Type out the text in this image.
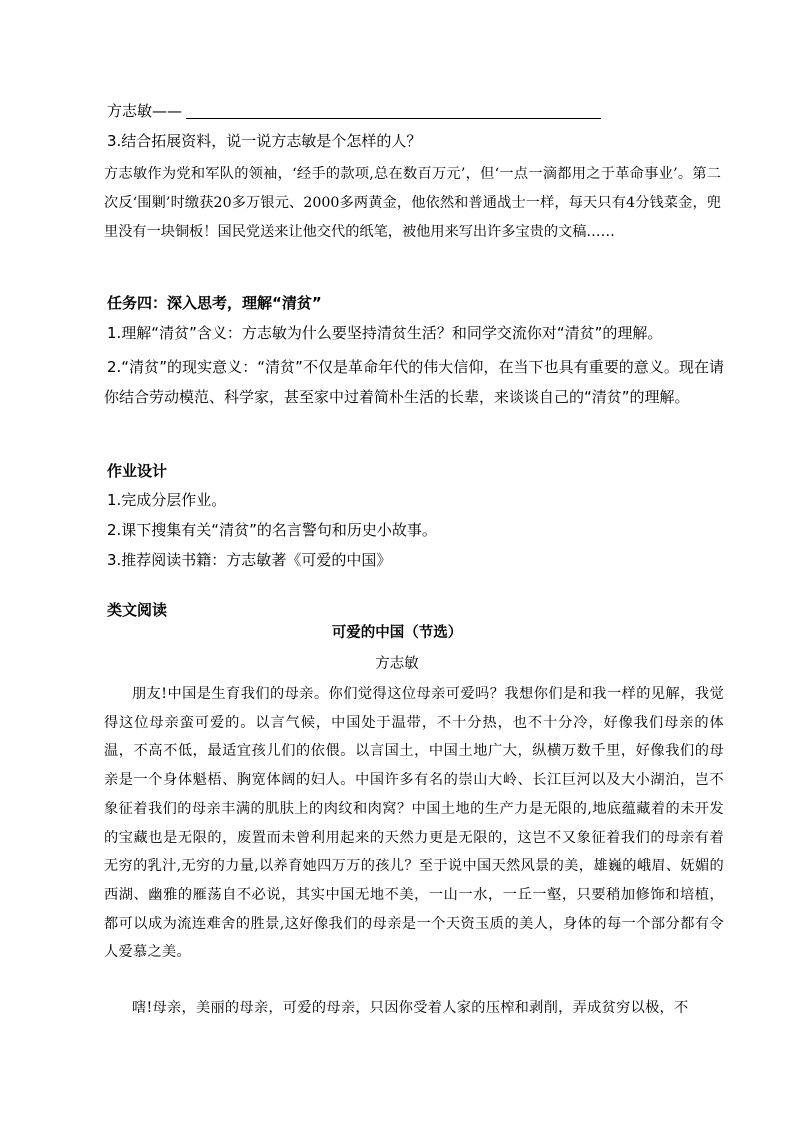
方志敏——
3.结合拓展资料，说一说方志敏是个怎样的人？
方志敏作为党和军队的领袖，‘经手的款项,总在数百万元’，但‘一点一滴都用之于革命事业’。第二次反‘围剿’时缴获20多万银元、2000多两黄金，他依然和普通战士一样，每天只有4分钱菜金，兜里没有一块铜板！国民党送来让他交代的纸笔，被他用来写出许多宝贵的文稿……
任务四：深入思考，理解“清贫”
1.理解“清贫”含义：方志敏为什么要坚持清贫生活？和同学交流你对“清贫”的理解。
2.“清贫”的现实意义：“清贫”不仅是革命年代的伟大信仰，在当下也具有重要的意义。现在请你结合劳动模范、科学家，甚至家中过着简朴生活的长辈，来谈谈自己的“清贫”的理解。
作业设计
1.完成分层作业。
2.课下搜集有关“清贫”的名言警句和历史小故事。
3.推荐阅读书籍：方志敏著《可爱的中国》
类文阅读
可爱的中国（节选）
方志敏
朋友!中国是生育我们的母亲。你们觉得这位母亲可爱吗？我想你们是和我一样的见解，我觉得这位母亲蛮可爱的。以言气候，中国处于温带，不十分热，也不十分冷，好像我们母亲的体温，不高不低，最适宜孩儿们的依偎。以言国土，中国土地广大，纵横万数千里，好像我们的母亲是一个身体魁梧、胸宽体阔的妇人。中国许多有名的崇山大岭、长江巨河以及大小湖泊，岂不象征着我们的母亲丰满的肌肤上的肉纹和肉窝？中国土地的生产力是无限的,地底蕴藏着的未开发的宝藏也是无限的，废置而未曾利用起来的天然力更是无限的，这岂不又象征着我们的母亲有着无穷的乳汁,无穷的力量,以养育她四万万的孩儿？至于说中国天然风景的美，雄巍的峨眉、妩媚的西湖、幽雅的雁荡自不必说，其实中国无地不美，一山一水，一丘一壑，只要稍加修饰和培植，都可以成为流连难舍的胜景,这好像我们的母亲是一个天资玉质的美人，身体的每一个部分都有令人爱慕之美。
嗐!母亲，美丽的母亲，可爱的母亲，只因你受着人家的压榨和剥削，弄成贫穷以极，不
